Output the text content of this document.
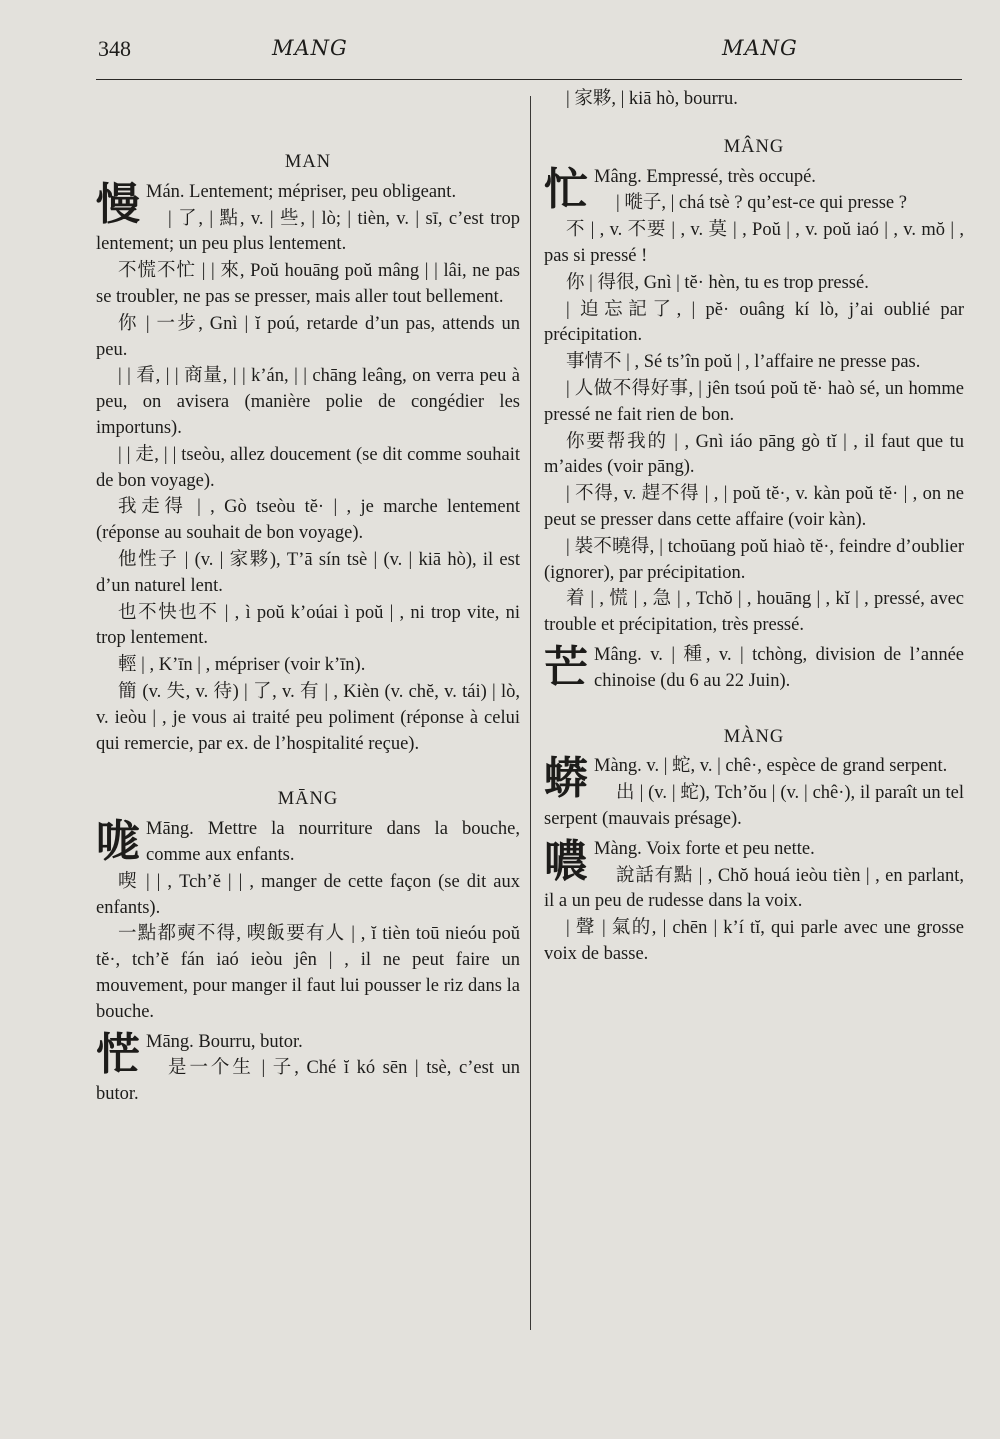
348	MANG	MANG
MAN
慢 Mán. Lentement; mépriser, peu obligeant.
| 了, | 點, v. | 些, | lò; | tièn, v. | sī, c’est trop lentement; un peu plus lentement.
不慌不忙 | | 來, Poŭ houāng poŭ mâng | | lâi, ne pas se troubler, ne pas se presser, mais aller tout bellement.
你 | 一步, Gnì | ĭ poú, retarde d’un pas, attends un peu.
| | 看, | | 商量, | | k’án, | | chāng leâng, on verra peu à peu, on avisera (manière polie de congédier les importuns).
| | 走, | | tseòu, allez doucement (se dit comme souhait de bon voyage).
我走得 | , Gò tseòu tĕ· | , je marche lentement (réponse au souhait de bon voyage).
他性子 | (v. | 家夥), T’ā sín tsè | (v. | kiā hò), il est d’un naturel lent.
也不快也不 | , ì poŭ k’oúai ì poŭ | , ni trop vite, ni trop lentement.
輕 | , K’īn | , mépriser (voir k’īn).
簡 (v. 失, v. 待) | 了, v. 有 | , Kièn (v. chĕ, v. tái) | lò, v. ieòu | , je vous ai traité peu poliment (réponse à celui qui remercie, par ex. de l’hospitalité reçue).
MĀNG
哤 Māng. Mettre la nourriture dans la bouche, comme aux enfants.
喫 | | , Tch’ĕ | | , manger de cette façon (se dit aux enfants).
一點都奭不得, 喫飯要有人 | , ĭ tièn toū nieóu poŭ tĕ·, tch’ĕ fán iaó ieòu jên | , il ne peut faire un mouvement, pour manger il faut lui pousser le riz dans la bouche.
恾 Māng. Bourru, butor.
是一个生 | 子, Ché ĭ kó sēn | tsè, c’est un butor.
| 家夥, | kiā hò, bourru.
MÂNG
忙 Mâng. Empressé, très occupé.
| 嘥子, | chá tsè ? qu’est-ce qui presse ?
不 | , v. 不要 | , v. 莫 | , Poŭ | , v. poŭ iaó | , v. mŏ | , pas si pressé !
你 | 得很, Gnì | tĕ· hèn, tu es trop pressé.
| 迫忘記了, | pĕ· ouâng kí lò, j’ai oublié par précipitation.
事情不 | , Sé ts’în poŭ | , l’affaire ne presse pas.
| 人做不得好事, | jên tsoú poŭ tĕ· haò sé, un homme pressé ne fait rien de bon.
你要帮我的 | , Gnì iáo pāng gò tĭ | , il faut que tu m’aides (voir pāng).
| 不得, v. 趕不得 | , | poŭ tĕ·, v. kàn poŭ tĕ· | , on ne peut se presser dans cette affaire (voir kàn).
| 裝不曉得, | tchoūang poŭ hiaò tĕ·, feindre d’oublier (ignorer), par précipitation.
着 | , 慌 | , 急 | , Tchŏ | , houāng | , kĭ | , pressé, avec trouble et précipitation, très pressé.
芒 Mâng. v. | 種, v. | tchòng, division de l’année chinoise (du 6 au 22 Juin).
MÀNG
蟒 Màng. v. | 蛇, v. | chê·, espèce de grand serpent.
出 | (v. | 蛇), Tch’ŏu | (v. | chê·), il paraît un tel serpent (mauvais présage).
噥 Màng. Voix forte et peu nette.
說話有點 | , Chŏ houá ieòu tièn | , en parlant, il a un peu de rudesse dans la voix.
| 聲 | 氣的, | chēn | k’í tĭ, qui parle avec une grosse voix de basse.
